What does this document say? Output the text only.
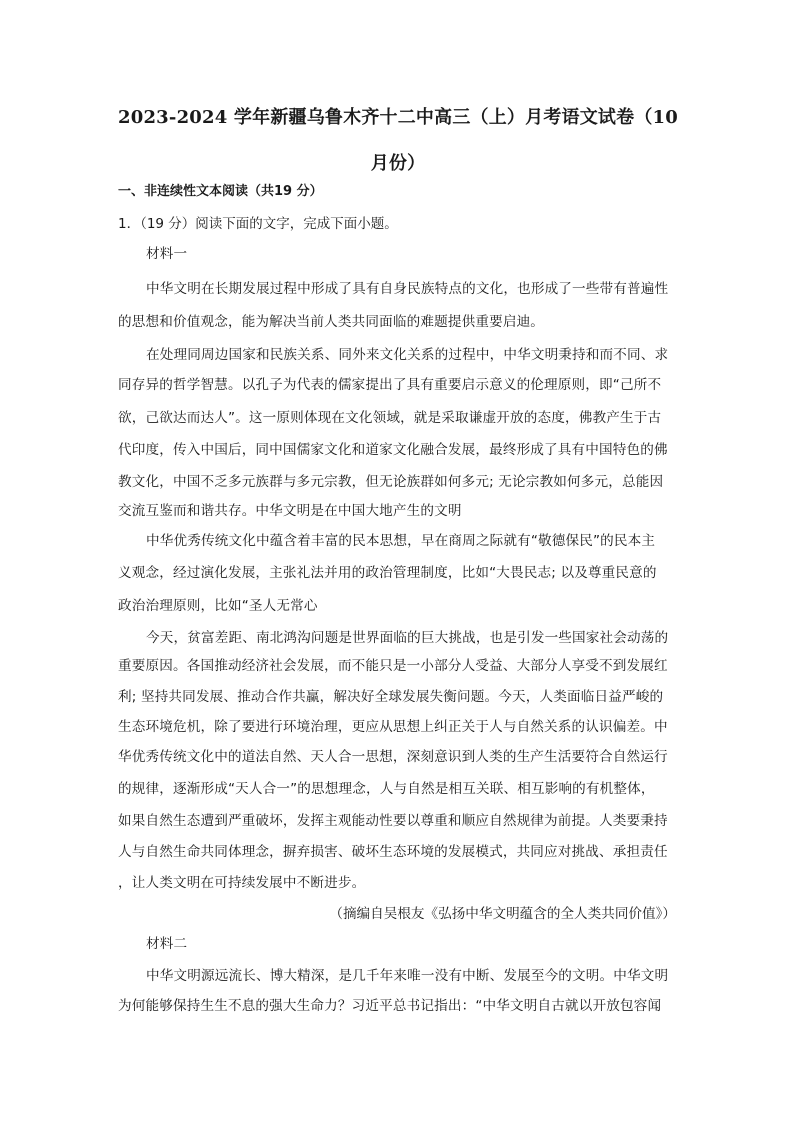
2023-2024 学年新疆乌鲁木齐十二中高三（上）月考语文试卷（10
月份）
一、非连续性文本阅读（共19 分）
1．（19 分）阅读下面的文字，完成下面小题。
材料一
中华文明在长期发展过程中形成了具有自身民族特点的文化，也形成了一些带有普遍性
的思想和价值观念，能为解决当前人类共同面临的难题提供重要启迪。
在处理同周边国家和民族关系、同外来文化关系的过程中，中华文明秉持和而不同、求
同存异的哲学智慧。以孔子为代表的儒家提出了具有重要启示意义的伦理原则，即“己所不
欲，己欲达而达人”。这一原则体现在文化领域，就是采取谦虚开放的态度，佛教产生于古
代印度，传入中国后，同中国儒家文化和道家文化融合发展，最终形成了具有中国特色的佛
教文化，中国不乏多元族群与多元宗教，但无论族群如何多元; 无论宗教如何多元，总能因
交流互鉴而和谐共存。中华文明是在中国大地产生的文明
中华优秀传统文化中蕴含着丰富的民本思想，早在商周之际就有“敬德保民”的民本主
义观念，经过演化发展，主张礼法并用的政治管理制度，比如“大畏民志; 以及尊重民意的
政治治理原则，比如“圣人无常心
今天，贫富差距、南北鸿沟问题是世界面临的巨大挑战，也是引发一些国家社会动荡的
重要原因。各国推动经济社会发展，而不能只是一小部分人受益、大部分人享受不到发展红
利; 坚持共同发展、推动合作共赢，解决好全球发展失衡问题。今天，人类面临日益严峻的
生态环境危机，除了要进行环境治理，更应从思想上纠正关于人与自然关系的认识偏差。中
华优秀传统文化中的道法自然、天人合一思想，深刻意识到人类的生产生活要符合自然运行
的规律，逐渐形成“天人合一”的思想理念，人与自然是相互关联、相互影响的有机整体，
如果自然生态遭到严重破坏，发挥主观能动性要以尊重和顺应自然规律为前提。人类要秉持
人与自然生命共同体理念，摒弃损害、破坏生态环境的发展模式，共同应对挑战、承担责任
，让人类文明在可持续发展中不断进步。
（摘编自吴根友《弘扬中华文明蕴含的全人类共同价值》）
材料二
中华文明源远流长、博大精深，是几千年来唯一没有中断、发展至今的文明。中华文明
为何能够保持生生不息的强大生命力？习近平总书记指出：“中华文明自古就以开放包容闻
